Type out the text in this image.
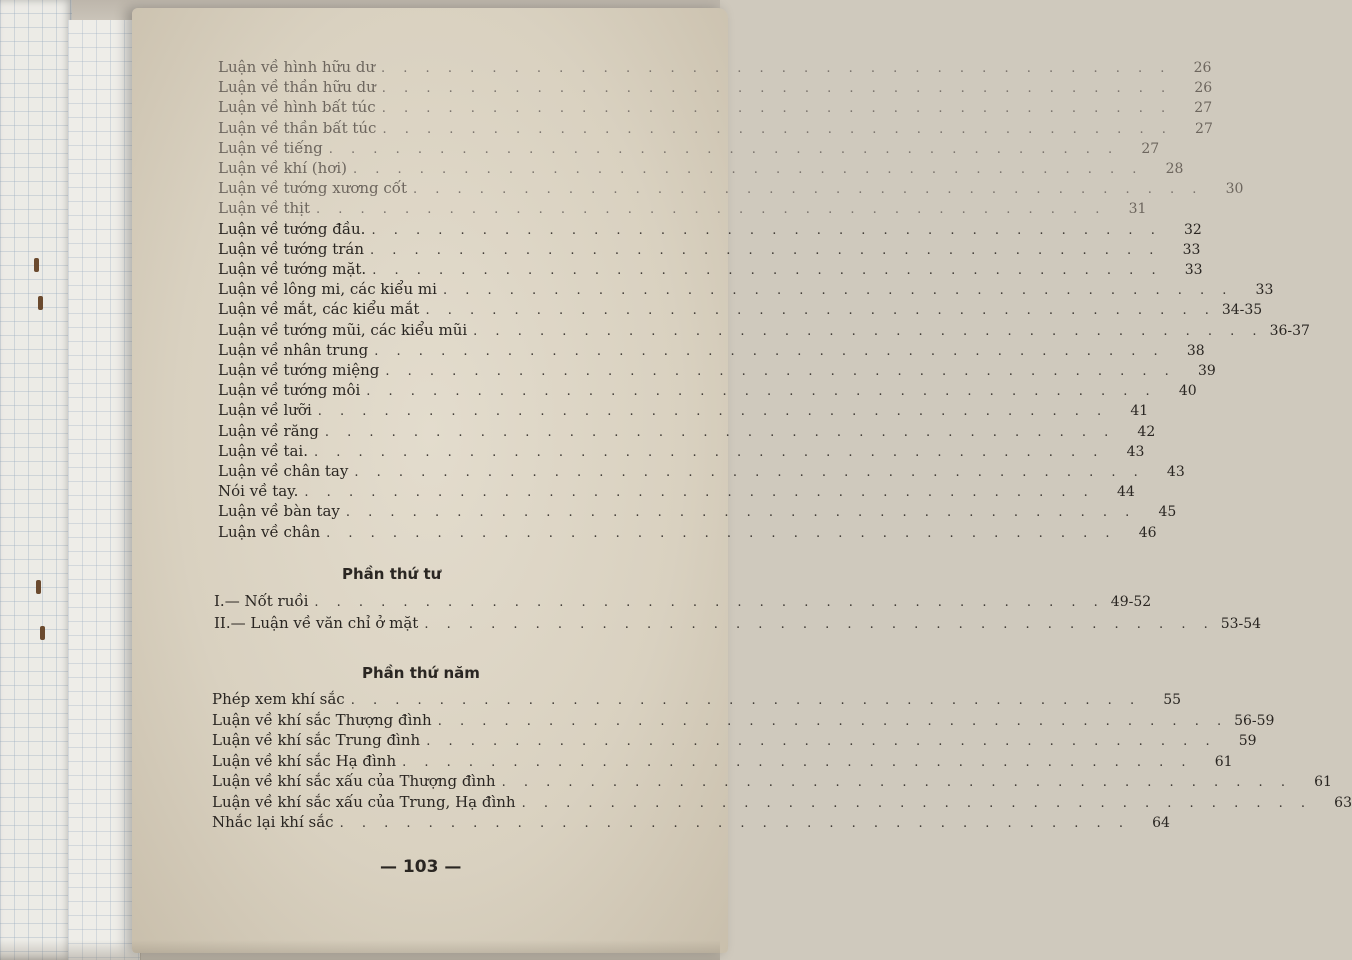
Luận về hình hữu dư . . . . . . . . . . . . . . . . . . . . . . . . . . . . . . . . . . . .	26
Luận về thần hữu dư . . . . . . . . . . . . . . . . . . . . . . . . . . . . . . . . . . . .	26
Luận về hình bất túc . . . . . . . . . . . . . . . . . . . . . . . . . . . . . . . . . . . .	27
Luận về thần bất túc . . . . . . . . . . . . . . . . . . . . . . . . . . . . . . . . . . . .	27
Luận về tiếng . . . . . . . . . . . . . . . . . . . . . . . . . . . . . . . . . . . .	27
Luận về khí (hơi) . . . . . . . . . . . . . . . . . . . . . . . . . . . . . . . . . . . .	28
Luận về tướng xương cốt . . . . . . . . . . . . . . . . . . . . . . . . . . . . . . . . . . . .	30
Luận về thịt . . . . . . . . . . . . . . . . . . . . . . . . . . . . . . . . . . . .	31
Luận về tướng đầu. . . . . . . . . . . . . . . . . . . . . . . . . . . . . . . . . . . . .	32
Luận về tướng trán . . . . . . . . . . . . . . . . . . . . . . . . . . . . . . . . . . . .	33
Luận về tướng mặt. . . . . . . . . . . . . . . . . . . . . . . . . . . . . . . . . . . . .	33
Luận về lông mi, các kiểu mi . . . . . . . . . . . . . . . . . . . . . . . . . . . . . . . . . . . .	33
Luận về mắt, các kiểu mắt . . . . . . . . . . . . . . . . . . . . . . . . . . . . . . . . . . . . 34-35
Luận về tướng mũi, các kiểu mũi . . . . . . . . . . . . . . . . . . . . . . . . . . . . . . . . . . . . 36-37
Luận về nhân trung . . . . . . . . . . . . . . . . . . . . . . . . . . . . . . . . . . . .	38
Luận về tướng miệng . . . . . . . . . . . . . . . . . . . . . . . . . . . . . . . . . . . .	39
Luận về tướng môi . . . . . . . . . . . . . . . . . . . . . . . . . . . . . . . . . . . .	40
Luận về lưỡi . . . . . . . . . . . . . . . . . . . . . . . . . . . . . . . . . . . .	41
Luận về răng . . . . . . . . . . . . . . . . . . . . . . . . . . . . . . . . . . . .	42
Luận về tai. . . . . . . . . . . . . . . . . . . . . . . . . . . . . . . . . . . . .	43
Luận về chân tay . . . . . . . . . . . . . . . . . . . . . . . . . . . . . . . . . . . .	43
Nói về tay. . . . . . . . . . . . . . . . . . . . . . . . . . . . . . . . . . . . .	44
Luận về bàn tay . . . . . . . . . . . . . . . . . . . . . . . . . . . . . . . . . . . .	45
Luận về chân . . . . . . . . . . . . . . . . . . . . . . . . . . . . . . . . . . . .	46
I.— Nốt ruồi . . . . . . . . . . . . . . . . . . . . . . . . . . . . . . . . . . . . 49-52
II.— Luận về văn chỉ ở mặt . . . . . . . . . . . . . . . . . . . . . . . . . . . . . . . . . . . . 53-54
Phép xem khí sắc . . . . . . . . . . . . . . . . . . . . . . . . . . . . . . . . . . . .	55
Luận về khí sắc Thượng đình . . . . . . . . . . . . . . . . . . . . . . . . . . . . . . . . . . . . 56-59
Luận về khí sắc Trung đình . . . . . . . . . . . . . . . . . . . . . . . . . . . . . . . . . . . .	59
Luận về khí sắc Hạ đình . . . . . . . . . . . . . . . . . . . . . . . . . . . . . . . . . . . .	61
Luận về khí sắc xấu của Thượng đình . . . . . . . . . . . . . . . . . . . . . . . . . . . . . . . . . . . .	61
Luận về khí sắc xấu của Trung, Hạ đình . . . . . . . . . . . . . . . . . . . . . . . . . . . . . . . . . . . .	63
Nhắc lại khí sắc . . . . . . . . . . . . . . . . . . . . . . . . . . . . . . . . . . . .	64
Phần thứ tư
Phần thứ năm
— 103 —
